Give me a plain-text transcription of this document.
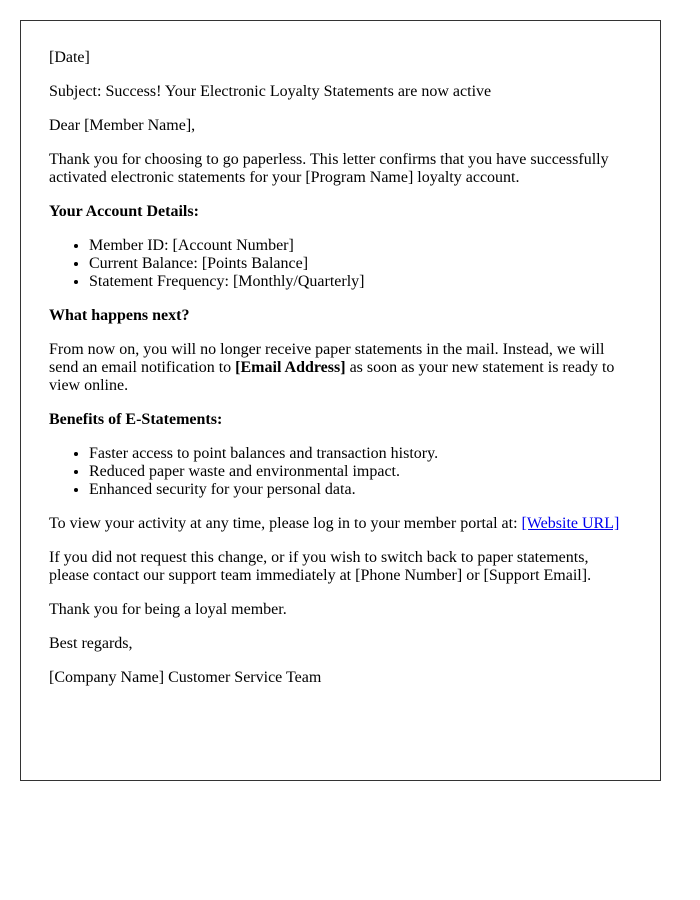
[Date]

Subject: Success! Your Electronic Loyalty Statements are now active

Dear [Member Name],

Thank you for choosing to go paperless. This letter confirms that you have successfully activated electronic statements for your [Program Name] loyalty account.

Your Account Details:
• Member ID: [Account Number]
• Current Balance: [Points Balance]
• Statement Frequency: [Monthly/Quarterly]
What happens next?

From now on, you will no longer receive paper statements in the mail. Instead, we will send an email notification to [Email Address] as soon as your new statement is ready to view online.

Benefits of E-Statements:
• Faster access to point balances and transaction history.
• Reduced paper waste and environmental impact.
• Enhanced security for your personal data.

To view your activity at any time, please log in to your member portal at: [Website URL]

If you did not request this change, or if you wish to switch back to paper statements, please contact our support team immediately at [Phone Number] or [Support Email].

Thank you for being a loyal member.

Best regards,

[Company Name] Customer Service Team
